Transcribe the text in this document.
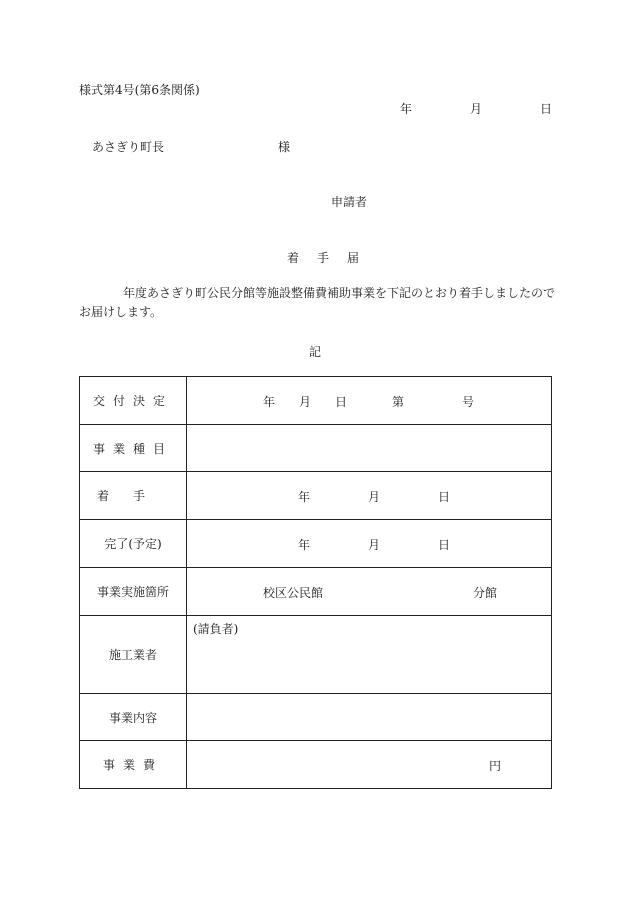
様式第4号(第6条関係)
年	月	日
あさぎり町長	様
申請者
着手届
年度あさぎり町公民分館等施設整備費補助事業を下記のとおり着手しましたのでお届けします。
記
交付決定	年 月 日 第 号

事業種目	
着手	年 月 日

完了(予定)	年 月 日

事業実施箇所	校区公民館 分館

施工業者	(請負者)

事業内容	
事業費	円
